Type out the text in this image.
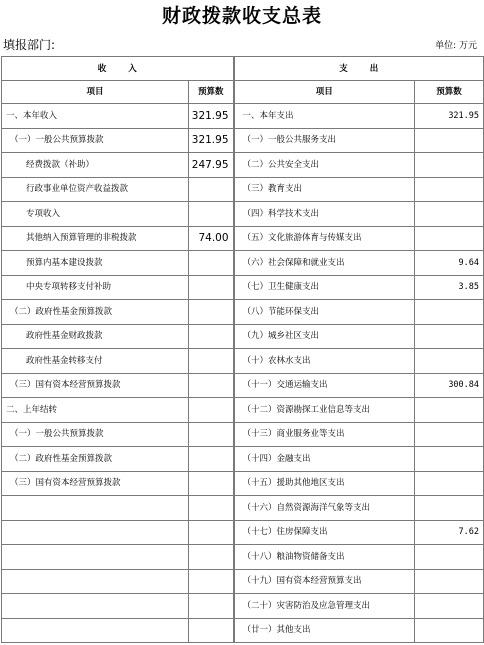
财政拨款收支总表
填报部门:	单位: 万元
收入		支出	
项目	预算数	项目	预算数
一、本年收入	321.95	一、本年支出	321.95
（一）一般公共预算拨款	321.95	（一）一般公共服务支出	
经费拨款（补助）	247.95	（二）公共安全支出	
行政事业单位资产收益拨款		（三）教育支出	
专项收入		（四）科学技术支出	
其他纳入预算管理的非税拨款	74.00	（五）文化旅游体育与传媒支出	
预算内基本建设拨款		（六）社会保障和就业支出	9.64
中央专项转移支付补助		（七）卫生健康支出	3.85
（二）政府性基金预算拨款		（八）节能环保支出	
政府性基金财政拨款		（九）城乡社区支出	
政府性基金转移支付		（十）农林水支出	
（三）国有资本经营预算拨款		（十一）交通运输支出	300.84
二、上年结转		（十二）资源勘探工业信息等支出	
（一）一般公共预算拨款		（十三）商业服务业等支出	
（二）政府性基金预算拨款		（十四）金融支出	
（三）国有资本经营预算拨款		（十五）援助其他地区支出	
		（十六）自然资源海洋气象等支出	
		（十七）住房保障支出	7.62
		（十八）粮油物资储备支出	
		（十九）国有资本经营预算支出	
		（二十）灾害防治及应急管理支出	
		（廿一）其他支出	
